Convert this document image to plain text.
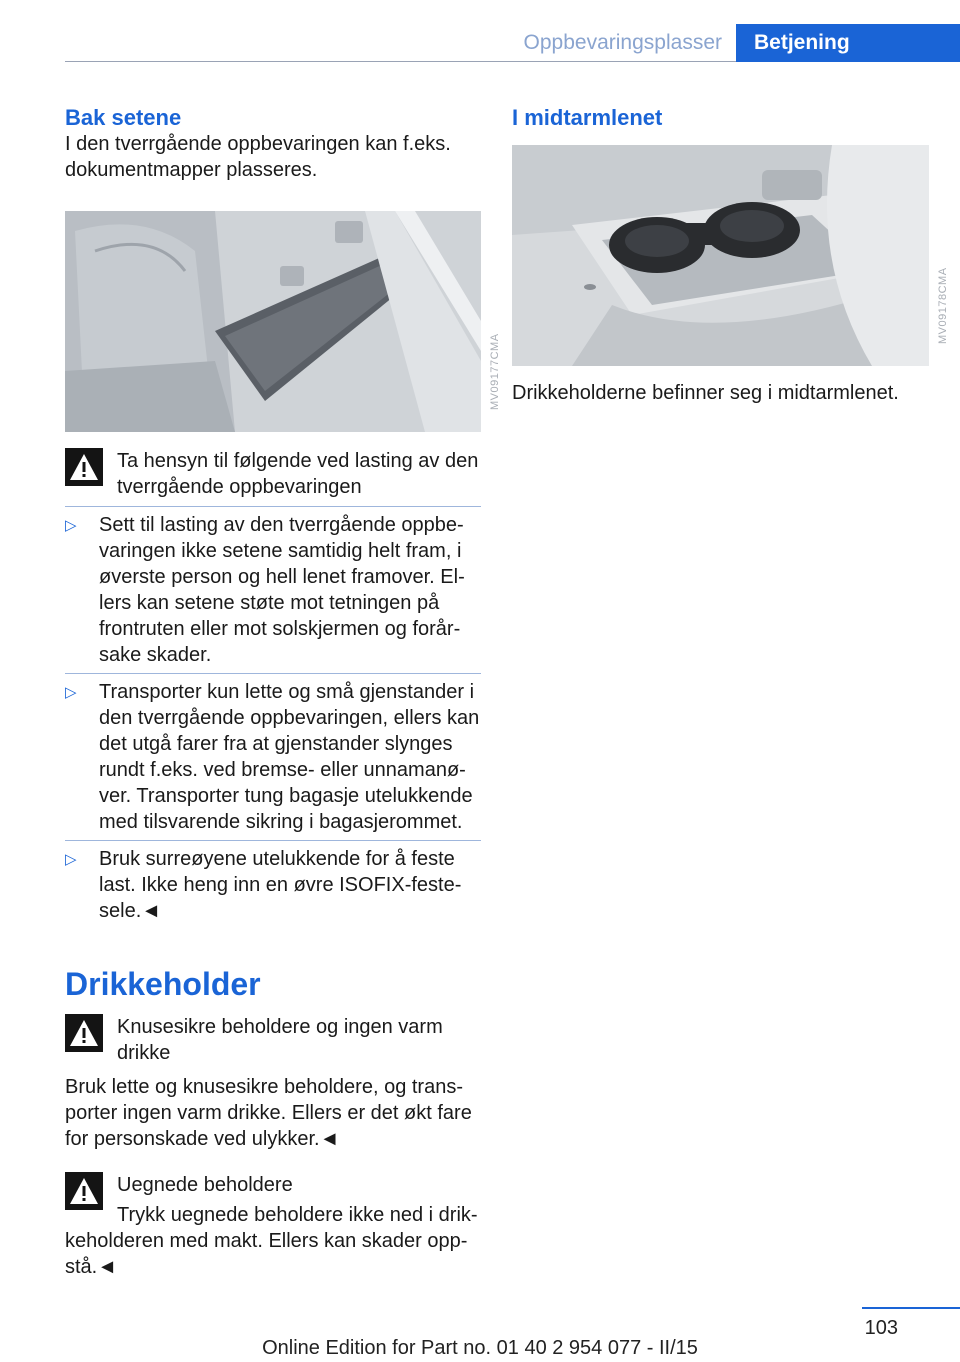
Oppbevaringsplasser	Betjening
Bak setene

I den tverrgående oppbevaringen kan f.eks. dokumentmapper plasseres.

MV09177CMA

Ta hensyn til følgende ved lasting av den tverrgående oppbevaringen

▷ Sett til lasting av den tverrgående oppbe-varingen ikke setene samtidig helt fram, i øverste person og hell lenet framover. El-lers kan setene støte mot tetningen på frontruten eller mot solskjermen og forår-sake skader.
▷ Transporter kun lette og små gjenstander i den tverrgående oppbevaringen, ellers kan det utgå farer fra at gjenstander slynges rundt f.eks. ved bremse- eller unnamanø-ver. Transporter tung bagasje utelukkende med tilsvarende sikring i bagasjerommet.
▷ Bruk surreøyene utelukkende for å feste last. Ikke heng inn en øvre ISOFIX-feste-sele.◄
Drikkeholder

Knusesikre beholdere og ingen varm drikke

Bruk lette og knusesikre beholdere, og trans-porter ingen varm drikke. Ellers er det økt fare for personskade ved ulykker.◄

Uegnede beholdere

Trykk uegnede beholdere ikke ned i drik-keholderen med makt. Ellers kan skader opp-stå.◄

I midtarmlenet
MV09178CMA

Drikkeholderne befinner seg i midtarmlenet.

103
Online Edition for Part no. 01 40 2 954 077 - II/15
